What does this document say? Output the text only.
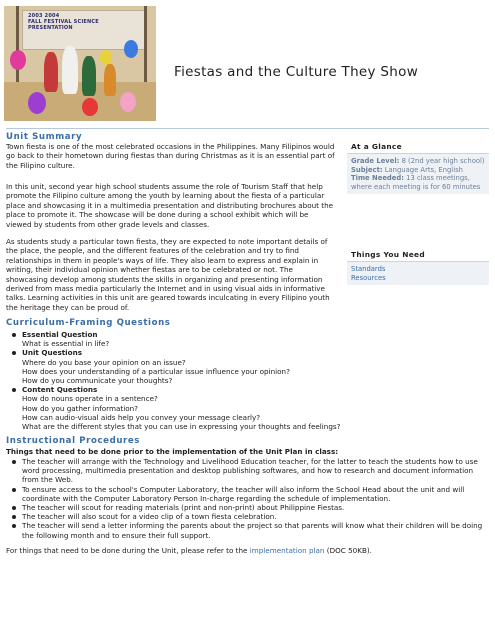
2003 2004
FALL FESTIVAL SCIENCE
PRESENTATION
Fiestas and the Culture They Show
Unit Summary
Town fiesta is one of the most celebrated occasions in the Philippines. Many Filipinos would go back to their hometown during fiestas than during Christmas as it is an essential part of the Filipino culture.
In this unit, second year high school students assume the role of Tourism Staff that help promote the Filipino culture among the youth by learning about the fiesta of a particular place and showcasing it in a multimedia presentation and distributing brochures about the place to promote it. The showcase will be done during a school exhibit which will be viewed by students from other grade levels and classes.
As students study a particular town fiesta, they are expected to note important details of the place, the people, and the different features of the celebration and try to find relationships in them in people's ways of life. They also learn to express and explain in writing, their individual opinion whether fiestas are to be celebrated or not. The showcasing develop among students the skills in organizing and presenting information derived from mass media particularly the Internet and in using visual aids in informative talks. Learning activities in this unit are geared towards inculcating in every Filipino youth the heritage they can be proud of.
At a Glance
Grade Level: 8 (2nd year high school)
Subject: Language Arts, English
Time Needed: 13 class meetings, where each meeting is for 60 minutes
Things You Need
Standards
Resources
Curriculum-Framing Questions
Essential Question
What is essential in life?
Unit Questions
Where do you base your opinion on an issue?
How does your understanding of a particular issue influence your opinion?
How do you communicate your thoughts?
Content Questions
How do nouns operate in a sentence?
How do you gather information?
How can audio-visual aids help you convey your message clearly?
What are the different styles that you can use in expressing your thoughts and feelings?
Instructional Procedures
Things that need to be done prior to the implementation of the Unit Plan in class:
The teacher will arrange with the Technology and Livelihood Education teacher, for the latter to teach the students how to use word processing, multimedia presentation and desktop publishing softwares, and how to research and document information from the Web.
To ensure access to the school's Computer Laboratory, the teacher will also inform the School Head about the unit and will coordinate with the Computer Laboratory Person In-charge regarding the schedule of implementation.
The teacher will scout for reading materials (print and non-print) about Philippine Fiestas.
The teacher will also scout for a video clip of a town fiesta celebration.
The teacher will send a letter informing the parents about the project so that parents will know what their children will be doing the following month and to ensure their full support.
For things that need to be done during the Unit, please refer to the implementation plan (DOC 50KB).
